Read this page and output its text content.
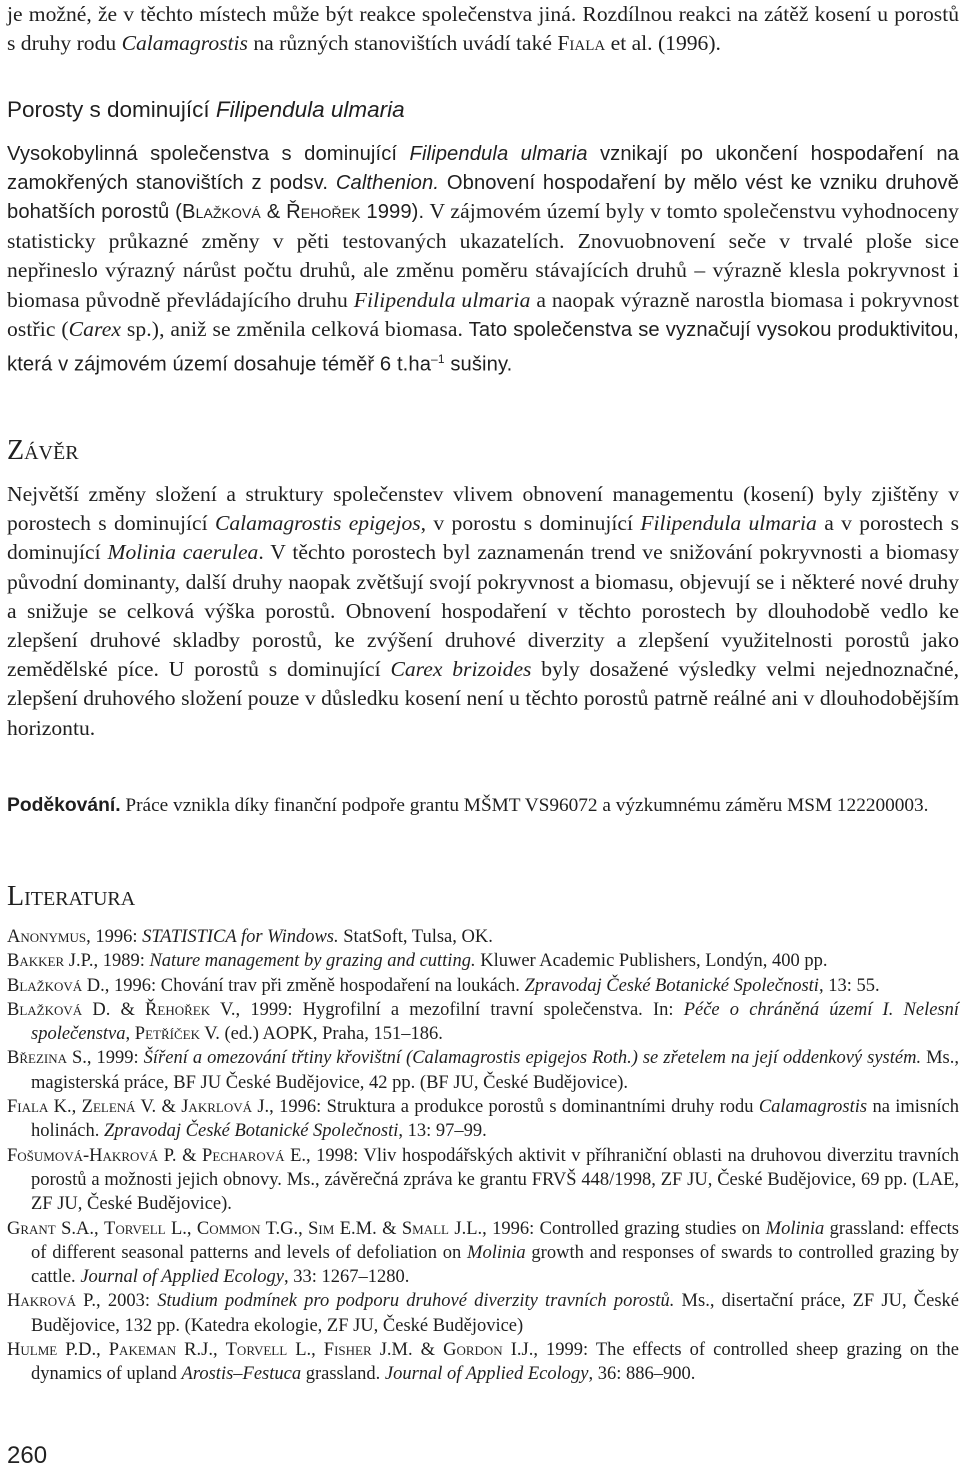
je možné, že v těchto místech může být reakce společenstva jiná. Rozdílnou reakci na zátěž kosení u porostů s druhy rodu Calamagrostis na různých stanovištích uvádí také Fiala et al. (1996).

Porosty s dominující Filipendula ulmaria

Vysokobylinná společenstva s dominující Filipendula ulmaria vznikají po ukončení hospodaření na zamokřených stanovištích z podsv. Calthenion. Obnovení hospodaření by mělo vést ke vzniku druhově bohatších porostů (Blažková & Řehořek 1999). V zájmovém území byly v tomto společenstvu vyhodnoceny statisticky průkazné změny v pěti testovaných ukazatelích. Znovuobnovení seče v trvalé ploše sice nepřineslo výrazný nárůst počtu druhů, ale změnu poměru stávajících druhů – výrazně klesla pokryvnost i biomasa původně převládajícího druhu Filipendula ulmaria a naopak výrazně narostla biomasa i pokryvnost ostřic (Carex sp.), aniž se změnila celková biomasa. Tato společenstva se vyznačují vysokou produktivitou, která v zájmovém území dosahuje téměř 6 $t.ha^{-1}$ sušiny.

Závěr

Největší změny složení a struktury společenstev vlivem obnovení managementu (kosení) byly zjištěny v porostech s dominující Calamagrostis epigejos, v porostu s dominující Filipendula ulmaria a v porostech s dominující Molinia caerulea. V těchto porostech byl zaznamenán trend ve snižování pokryvnosti a biomasy původní dominanty, další druhy naopak zvětšují svojí pokryvnost a biomasu, objevují se i některé nové druhy a snižuje se celková výška porostů. Obnovení hospodaření v těchto porostech by dlouhodobě vedlo ke zlepšení druhové skladby porostů, ke zvýšení druhové diverzity a zlepšení využitelnosti porostů jako zemědělské píce. U porostů s dominující Carex brizoides byly dosažené výsledky velmi nejednoznačné, zlepšení druhového složení pouze v důsledku kosení není u těchto porostů patrně reálné ani v dlouhodobějším horizontu.

Poděkování. Práce vznikla díky finanční podpoře grantu MŠMT VS96072 a výzkumnému záměru MSM 122200003.

Literatura
Anonymus, 1996: STATISTICA for Windows. StatSoft, Tulsa, OK.
Bakker J.P., 1989: Nature management by grazing and cutting. Kluwer Academic Publishers, Londýn, 400 pp.
Blažková D., 1996: Chování trav při změně hospodaření na loukách. Zpravodaj České Botanické Společnosti, 13: 55.
Blažková D. & Řehořek V., 1999: Hygrofilní a mezofilní travní společenstva. In: Péče o chráněná území I. Nelesní společenstva, Petříček V. (ed.) AOPK, Praha, 151–186.
Březina S., 1999: Šíření a omezování třtiny křovištní (Calamagrostis epigejos Roth.) se zřetelem na její oddenkový systém. Ms., magisterská práce, BF JU České Budějovice, 42 pp. (BF JU, České Budějovice).
Fiala K., Zelená V. & Jakrlová J., 1996: Struktura a produkce porostů s dominantními druhy rodu Calamagrostis na imisních holinách. Zpravodaj České Botanické Společnosti, 13: 97–99.
Fošumová-Hakrová P. & Pecharová E., 1998: Vliv hospodářských aktivit v příhraniční oblasti na druhovou diverzitu travních porostů a možnosti jejich obnovy. Ms., závěrečná zpráva ke grantu FRVŠ 448/1998, ZF JU, České Budějovice, 69 pp. (LAE, ZF JU, České Budějovice).
Grant S.A., Torvell L., Common T.G., Sim E.M. & Small J.L., 1996: Controlled grazing studies on Molinia grassland: effects of different seasonal patterns and levels of defoliation on Molinia growth and responses of swards to controlled grazing by cattle. Journal of Applied Ecology, 33: 1267–1280.
Hakrová P., 2003: Studium podmínek pro podporu druhové diverzity travních porostů. Ms., disertační práce, ZF JU, České Budějovice, 132 pp. (Katedra ekologie, ZF JU, České Budějovice)
Hulme P.D., Pakeman R.J., Torvell L., Fisher J.M. & Gordon I.J., 1999: The effects of controlled sheep grazing on the dynamics of upland Arostis–Festuca grassland. Journal of Applied Ecology, 36: 886–900.

260
